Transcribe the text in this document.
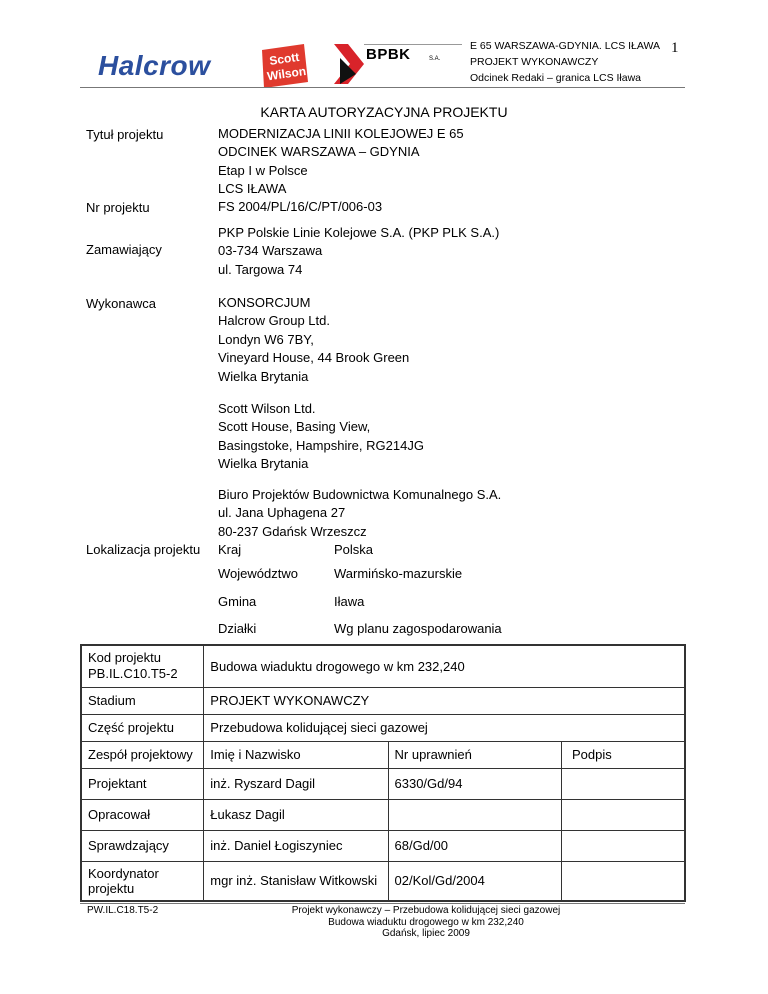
Halcrow	Scott
Wilson
BPBK	S.A.
E 65 WARSZAWA-GDYNIA. LCS IŁAWA
PROJEKT WYKONAWCZY
Odcinek Redaki – granica LCS Iława
1
KARTA AUTORYZACYJNA PROJEKTU
Tytuł projektu	MODERNIZACJA LINII KOLEJOWEJ E 65
ODCINEK WARSZAWA – GDYNIA
Etap I w Polsce
LCS IŁAWA
Nr projektu	FS 2004/PL/16/C/PT/006-03
Zamawiający
PKP Polskie Linie Kolejowe S.A. (PKP PLK S.A.)
03-734 Warszawa
ul. Targowa 74
Wykonawca	KONSORCJUM
Halcrow Group Ltd.
Londyn W6 7BY,
Vineyard House, 44 Brook Green
Wielka Brytania
Scott Wilson Ltd.
Scott House, Basing View,
Basingstoke, Hampshire, RG214JG
Wielka Brytania
Biuro Projektów Budownictwa Komunalnego S.A.
ul. Jana Uphagena 27
80-237 Gdańsk Wrzeszcz
Lokalizacja projektu Kraj	Polska
Województwo	Warmińsko-mazurskie
Gmina	Iława
Działki	Wg planu zagospodarowania
Kod projektu
PB.IL.C10.T5-2	Budowa wiaduktu drogowego w km 232,240		
Stadium	PROJEKT WYKONAWCZY		
Część projektu	Przebudowa kolidującej sieci gazowej		
Zespół projektowy	Imię i Nazwisko	Nr uprawnień	Podpis
Projektant	inż. Ryszard Dagil	6330/Gd/94	
Opracował	Łukasz Dagil		
Sprawdzający	inż. Daniel Łogiszyniec	68/Gd/00	
Koordynator projektu	mgr inż. Stanisław Witkowski	02/Kol/Gd/2004	
PW.IL.C18.T5-2	Projekt wykonawczy – Przebudowa kolidującej sieci gazowej
Budowa wiaduktu drogowego w km 232,240
Gdańsk, lipiec 2009
